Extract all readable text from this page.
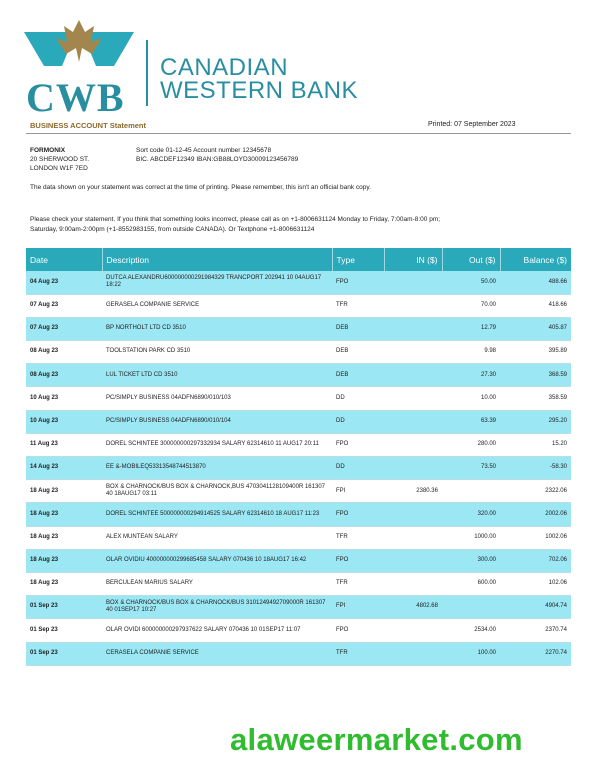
CWB
CANADIAN
WESTERN BANK
BUSINESS ACCOUNT Statement	Printed: 07 September 2023
FORMONIX
20 SHERWOOD ST.
LONDON W1F 7ED
Sort code 01-12-45 Account number 12345678
BIC. ABCDEF12349 IBAN:GB88LOYD30009123456789
The data shown on your statement was correct at the time of printing. Please remember, this isn't an official bank copy.
Please check your statement. If you think that something looks incorrect, please call as on +1-8006631124 Monday to Friday, 7:00am-8:00 pm; Saturday, 9:00am-2:00pm (+1-8552983155, from outside CANADA). Or Textphone +1-8006631124
Date	Description	Type	IN ($)	Out ($)	Balance ($)
04 Aug 23	DUTCA ALEXANDRU600000000291984329 TRANCPORT 202941 10 04AUG17 18:22	FPO		50.00	488.66
07 Aug 23	GERASELA COMPANIE SERVICE	TFR		70.00	418.66
07 Aug 23	BP NORTHOLT LTD CD 3510	DEB		12.79	405.87
08 Aug 23	TOOLSTATION PARK CD 3510	DEB		9.98	395.89
08 Aug 23	LUL TICKET LTD CD 3510	DEB		27.30	368.59
10 Aug 23	PC/SIMPLY BUSINESS 04ADFN6890/010/103	DD		10.00	358.59
10 Aug 23	PC/SIMPLY BUSINESS 04ADFN6890/010/104	DD		63.39	295.20
11 Aug 23	DOREL SCHINTEE 300000000297332934 SALARY 62314610 11 AUG17 20:11	FPO		280.00	15.20
14 Aug 23	EE &-MOBILEQ53313548744513870	DD		73.50	-58.30
18 Aug 23	BOX & CHARNOCK/BUS BOX & CHARNOCK,BUS 4703041128109400R 161307 40 18AUG17 03:11	FPI	2380.36		2322.06
18 Aug 23	DOREL SCHINTEE 500000000294914525 SALARY 62314610 18 AUG17 11:23	FPO		320.00	2002.06
18 Aug 23	ALEX MUNTEAN SALARY	TFR		1000.00	1002.06
18 Aug 23	OLAR OVIDIU 400000000299685458 SALARY 070436 10 18AUG17 16:42	FPO		300.00	702.06
18 Aug 23	BERCULEAN MARIUS SALARY	TFR		600.00	102.06
01 Sep 23	BOX & CHARNOCK/BUS BOX & CHARNOCK/BUS 3101249492709000R 161307 40 01SEP17 10:27	FPI	4802.68		4904.74
01 Sep 23	OLAR OVIDI 600000000297937622 SALARY 070436 10 01SEP17 11:07	FPO		2534.00	2370.74
01 Sep 23	CERASELA COMPANIE SERVICE	TFR		100.00	2270.74
alaweermarket.com
